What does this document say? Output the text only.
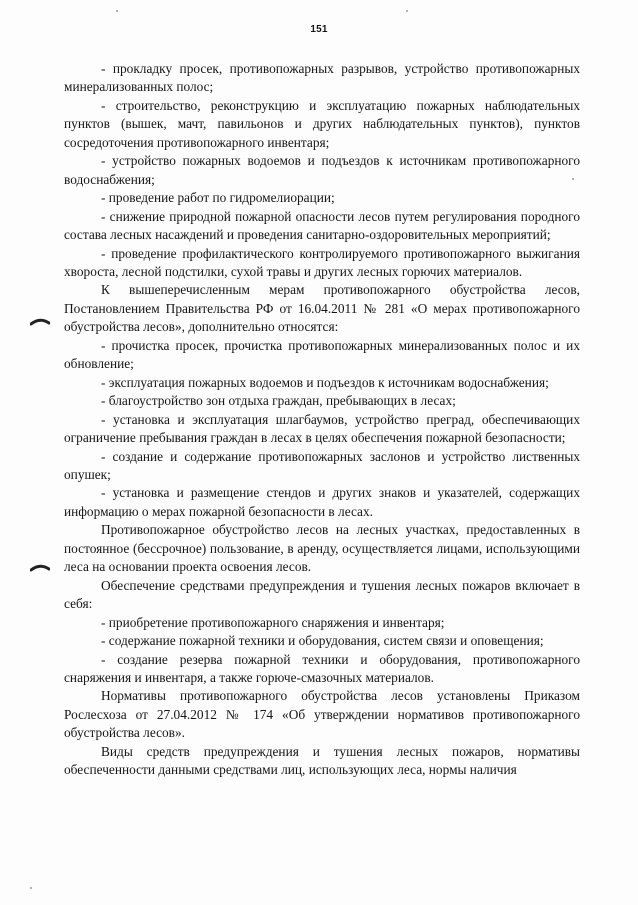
151

- прокладку просек, противопожарных разрывов, устройство противопожарных минерализованных полос;

- строительство, реконструкцию и эксплуатацию пожарных наблюдательных пунктов (вышек, мачт, павильонов и других наблюдательных пунктов), пунктов сосредоточения противопожарного инвентаря;

- устройство пожарных водоемов и подъездов к источникам противопожарного водоснабжения;

- проведение работ по гидромелиорации;

- снижение природной пожарной опасности лесов путем регулирования породного состава лесных насаждений и проведения санитарно-оздоровительных мероприятий;

- проведение профилактического контролируемого противопожарного выжигания хвороста, лесной подстилки, сухой травы и других лесных горючих материалов.

К вышеперечисленным мерам противопожарного обустройства лесов, Постановлением Правительства РФ от 16.04.2011 № 281 «О мерах противопожарного обустройства лесов», дополнительно относятся:

- прочистка просек, прочистка противопожарных минерализованных полос и их обновление;

- эксплуатация пожарных водоемов и подъездов к источникам водоснабжения;

- благоустройство зон отдыха граждан, пребывающих в лесах;

- установка и эксплуатация шлагбаумов, устройство преград, обеспечивающих ограничение пребывания граждан в лесах в целях обеспечения пожарной безопасности;

- создание и содержание противопожарных заслонов и устройство лиственных опушек;

- установка и размещение стендов и других знаков и указателей, содержащих информацию о мерах пожарной безопасности в лесах.

Противопожарное обустройство лесов на лесных участках, предоставленных в постоянное (бессрочное) пользование, в аренду, осуществляется лицами, использующими леса на основании проекта освоения лесов.

Обеспечение средствами предупреждения и тушения лесных пожаров включает в себя:

- приобретение противопожарного снаряжения и инвентаря;

- содержание пожарной техники и оборудования, систем связи и оповещения;

- создание резерва пожарной техники и оборудования, противопожарного снаряжения и инвентаря, а также горюче-смазочных материалов.

Нормативы противопожарного обустройства лесов установлены Приказом Рослесхоза от 27.04.2012 № 174 «Об утверждении нормативов противопожарного обустройства лесов».

Виды средств предупреждения и тушения лесных пожаров, нормативы обеспеченности данными средствами лиц, использующих леса, нормы наличия
